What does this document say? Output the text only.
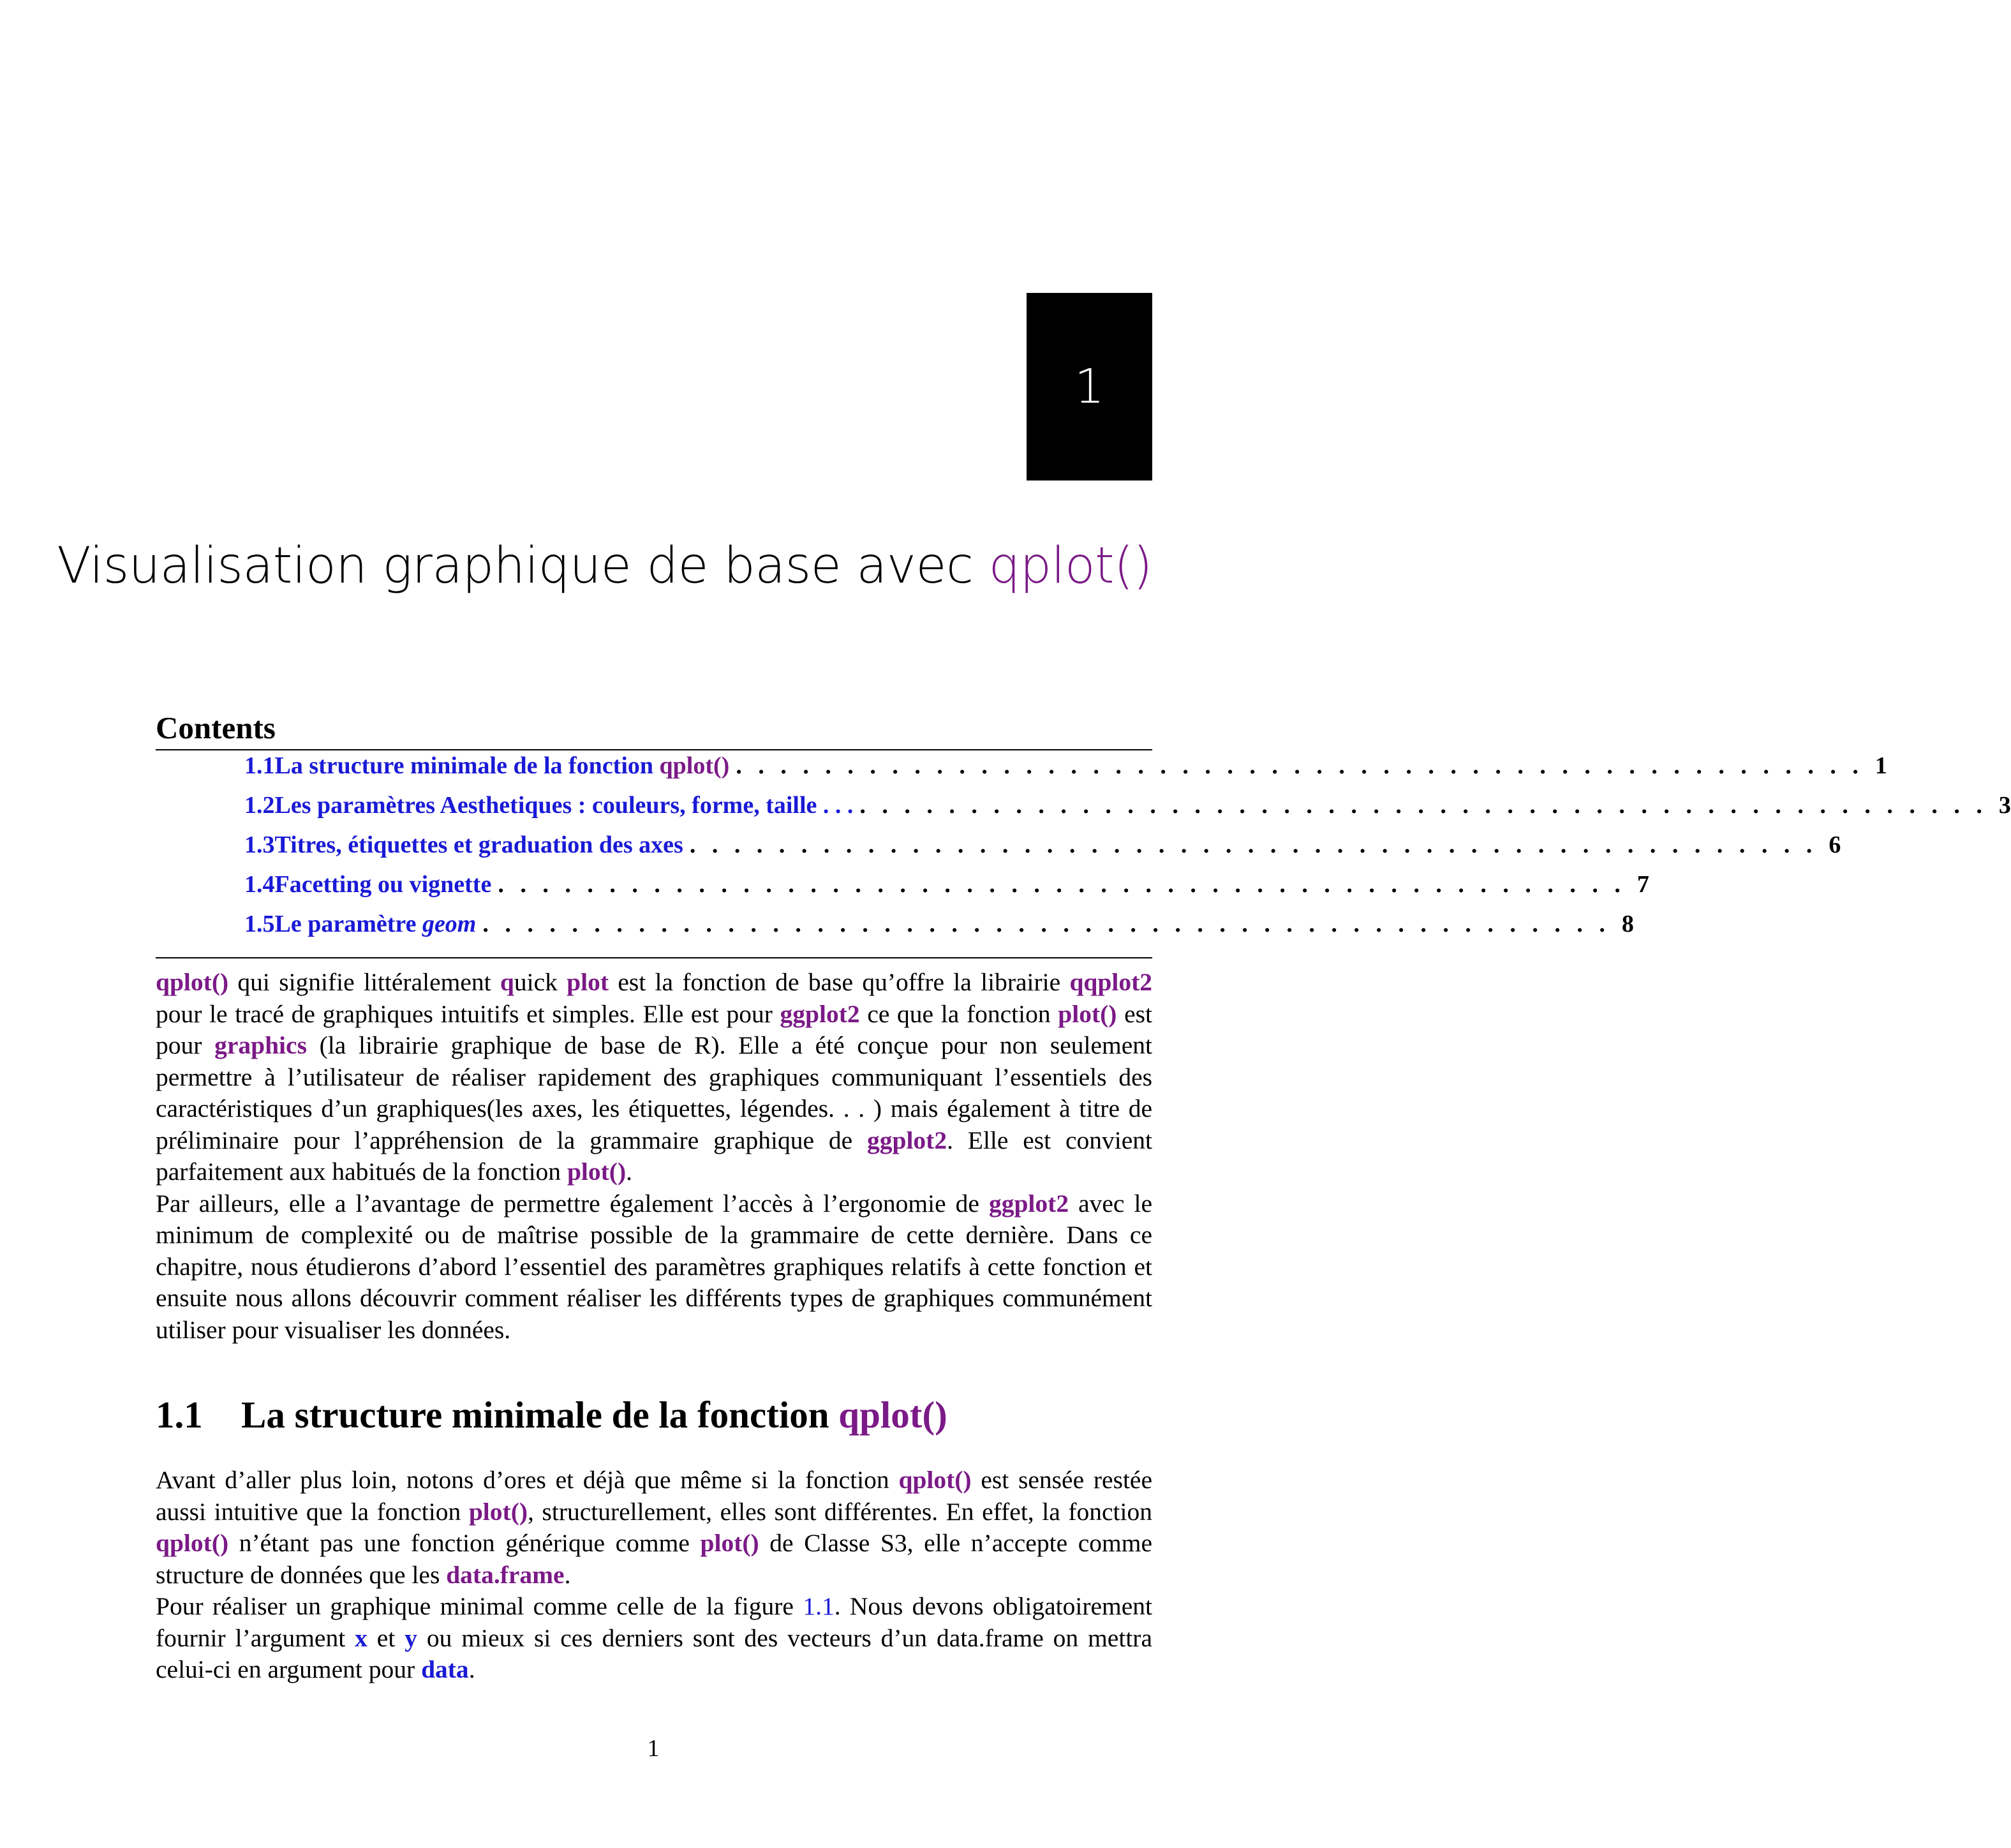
1
Visualisation graphique de base avec qplot()
Contents
1.1 La structure minimale de la fonction qplot() . . . . . . . . . . . . . . . . . . . . . . . . . . . . . . . . . . . . . . . . . . . . . . . . . . . 1
1.2 Les paramètres Aesthetiques : couleurs, forme, taille . . . . . . . . . . . . . . . . . . . . . . . . . . . . . . . . . . . . . . . . . . . . . . . . . . . . . . 3
1.3 Titres, étiquettes et graduation des axes . . . . . . . . . . . . . . . . . . . . . . . . . . . . . . . . . . . . . . . . . . . . . . . . . . . 6
1.4 Facetting ou vignette . . . . . . . . . . . . . . . . . . . . . . . . . . . . . . . . . . . . . . . . . . . . . . . . . . . 7
1.5 Le paramètre geom . . . . . . . . . . . . . . . . . . . . . . . . . . . . . . . . . . . . . . . . . . . . . . . . . . . 8

qplot() qui signifie littéralement quick plot est la fonction de base qu’offre la librairie qqplot2 pour le tracé de graphiques intuitifs et simples. Elle est pour ggplot2 ce que la fonction plot() est pour graphics (la librairie graphique de base de R). Elle a été conçue pour non seulement permettre à l’utilisateur de réaliser rapidement des graphiques communiquant l’essentiels des caractéristiques d’un graphiques(les axes, les étiquettes, légendes. . . ) mais également à titre de préliminaire pour l’appréhension de la grammaire graphique de ggplot2. Elle est convient parfaitement aux habitués de la fonction plot().

Par ailleurs, elle a l’avantage de permettre également l’accès à l’ergonomie de ggplot2 avec le minimum de complexité ou de maîtrise possible de la grammaire de cette dernière. Dans ce chapitre, nous étudierons d’abord l’essentiel des paramètres graphiques relatifs à cette fonction et ensuite nous allons découvrir comment réaliser les différents types de graphiques communément utiliser pour visualiser les données.

1.1 La structure minimale de la fonction qplot()

Avant d’aller plus loin, notons d’ores et déjà que même si la fonction qplot() est sensée restée aussi intuitive que la fonction plot(), structurellement, elles sont différentes. En effet, la fonction qplot() n’étant pas une fonction générique comme plot() de Classe S3, elle n’accepte comme structure de données que les data.frame.

Pour réaliser un graphique minimal comme celle de la figure 1.1. Nous devons obligatoirement fournir l’argument x et y ou mieux si ces derniers sont des vecteurs d’un data.frame on mettra celui-ci en argument pour data.

1
